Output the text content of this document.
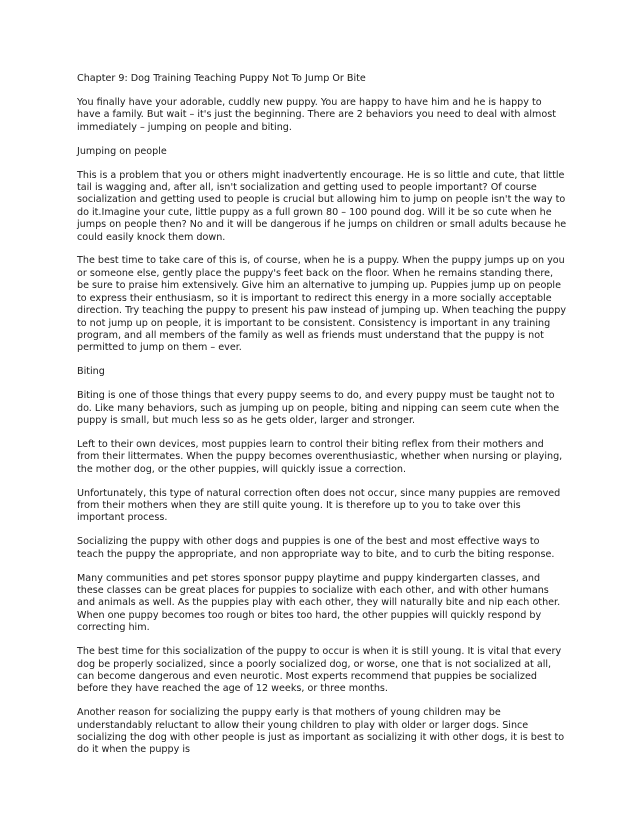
Chapter 9: Dog Training Teaching Puppy Not To Jump Or Bite

You finally have your adorable, cuddly new puppy. You are happy to have him and he is happy to have a family. But wait – it's just the beginning. There are 2 behaviors you need to deal with almost immediately – jumping on people and biting.

Jumping on people

This is a problem that you or others might inadvertently encourage. He is so little and cute, that little tail is wagging and, after all, isn't socialization and getting used to people important? Of course socialization and getting used to people is crucial but allowing him to jump on people isn't the way to do it.Imagine your cute, little puppy as a full grown 80 – 100 pound dog. Will it be so cute when he jumps on people then? No and it will be dangerous if he jumps on children or small adults because he could easily knock them down.

The best time to take care of this is, of course, when he is a puppy. When the puppy jumps up on you or someone else, gently place the puppy's feet back on the floor. When he remains standing there, be sure to praise him extensively. Give him an alternative to jumping up. Puppies jump up on people to express their enthusiasm, so it is important to redirect this energy in a more socially acceptable direction. Try teaching the puppy to present his paw instead of jumping up. When teaching the puppy to not jump up on people, it is important to be consistent. Consistency is important in any training program, and all members of the family as well as friends must understand that the puppy is not permitted to jump on them – ever.

Biting

Biting is one of those things that every puppy seems to do, and every puppy must be taught not to do. Like many behaviors, such as jumping up on people, biting and nipping can seem cute when the puppy is small, but much less so as he gets older, larger and stronger.

Left to their own devices, most puppies learn to control their biting reflex from their mothers and from their littermates. When the puppy becomes overenthusiastic, whether when nursing or playing, the mother dog, or the other puppies, will quickly issue a correction.

Unfortunately, this type of natural correction often does not occur, since many puppies are removed from their mothers when they are still quite young. It is therefore up to you to take over this important process.

Socializing the puppy with other dogs and puppies is one of the best and most effective ways to teach the puppy the appropriate, and non appropriate way to bite, and to curb the biting response.

Many communities and pet stores sponsor puppy playtime and puppy kindergarten classes, and these classes can be great places for puppies to socialize with each other, and with other humans and animals as well. As the puppies play with each other, they will naturally bite and nip each other. When one puppy becomes too rough or bites too hard, the other puppies will quickly respond by correcting him.

The best time for this socialization of the puppy to occur is when it is still young. It is vital that every dog be properly socialized, since a poorly socialized dog, or worse, one that is not socialized at all, can become dangerous and even neurotic. Most experts recommend that puppies be socialized before they have reached the age of 12 weeks, or three months.

Another reason for socializing the puppy early is that mothers of young children may be understandably reluctant to allow their young children to play with older or larger dogs. Since socializing the dog with other people is just as important as socializing it with other dogs, it is best to do it when the puppy is
